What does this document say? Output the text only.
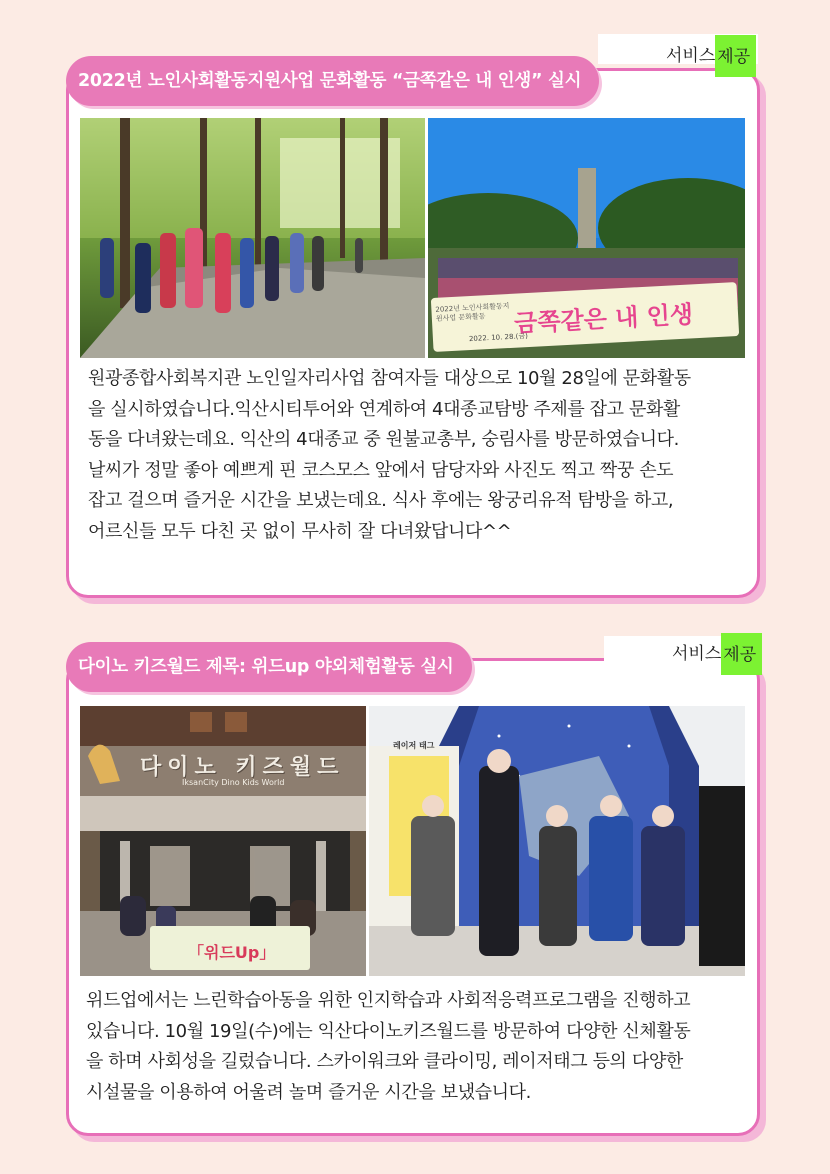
서비스 제공
2022년 노인사회활동지원사업 문화활동 “금쪽같은 내 인생” 실시
2022년 노인사회활동지원사업 문화활동	금쪽같은 내 인생
2022. 10. 28.(금)
원광종합사회복지관 노인일자리사업 참여자들 대상으로 10월 28일에 문화활동
을 실시하였습니다.익산시티투어와 연계하여 4대종교탐방 주제를 잡고 문화활
동을 다녀왔는데요. 익산의 4대종교 중 원불교총부, 숭림사를 방문하였습니다.
날씨가 정말 좋아 예쁘게 핀 코스모스 앞에서 담당자와 사진도 찍고 짝꿍 손도
잡고 걸으며 즐거운 시간을 보냈는데요. 식사 후에는 왕궁리유적 탐방을 하고,
어르신들 모두 다친 곳 없이 무사히 잘 다녀왔답니다^^
서비스 제공
다이노 키즈월드 제목: 위드up 야외체험활동 실시
다이노 키즈월드
IksanCity Dino Kids World
「위드Up」
레이저 태그
위드업에서는 느린학습아동을 위한 인지학습과 사회적응력프로그램을 진행하고
있습니다. 10월 19일(수)에는 익산다이노키즈월드를 방문하여 다양한 신체활동
을 하며 사회성을 길렀습니다. 스카이워크와 클라이밍, 레이저태그 등의 다양한
시설물을 이용하여 어울려 놀며 즐거운 시간을 보냈습니다.
